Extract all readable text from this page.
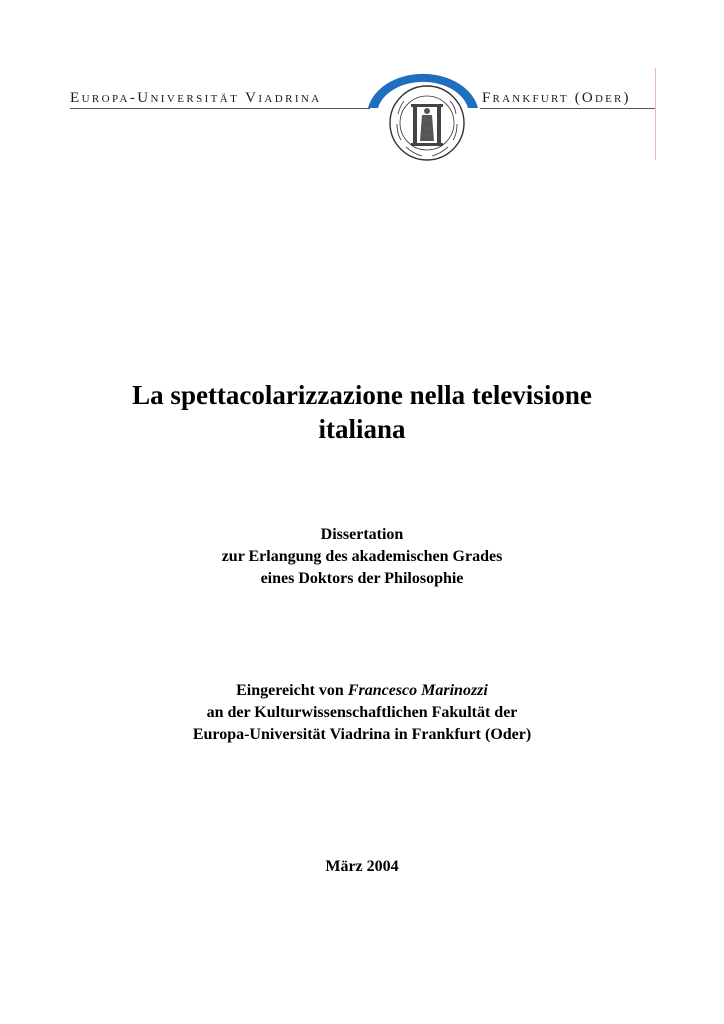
Europa-Universität Viadrina	Frankfurt (Oder)
La spettacolarizzazione nella televisione
italiana
Dissertation
zur Erlangung des akademischen Grades
eines Doktors der Philosophie
Eingereicht von Francesco Marinozzi
an der Kulturwissenschaftlichen Fakultät der
Europa-Universität Viadrina in Frankfurt (Oder)
März 2004
